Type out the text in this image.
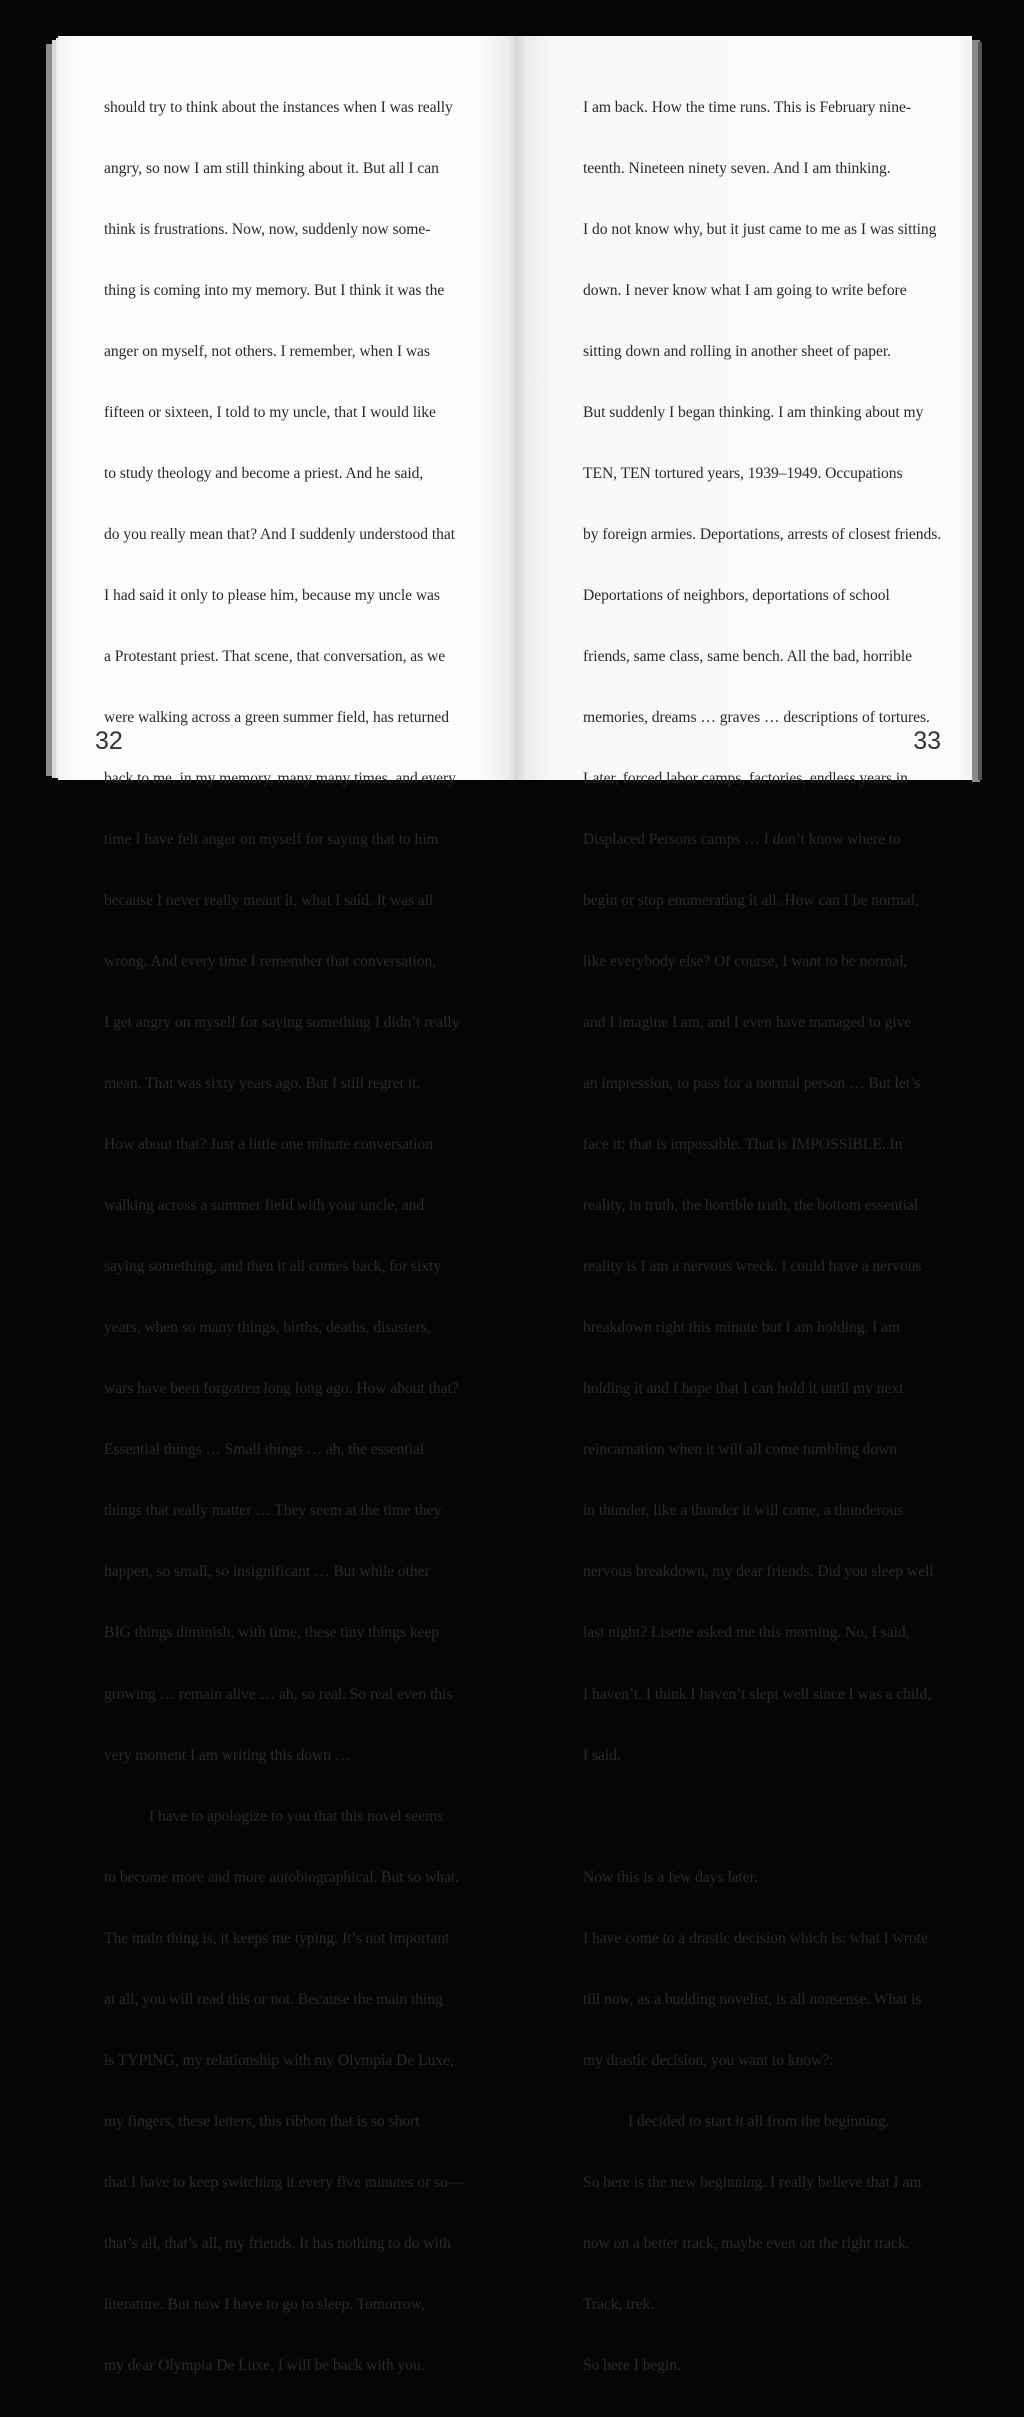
should try to think about the instances when I was really

angry, so now I am still thinking about it. But all I can

think is frustrations. Now, now, suddenly now some-

thing is coming into my memory. But I think it was the

anger on myself, not others. I remember, when I was

fifteen or sixteen, I told to my uncle, that I would like

to study theology and become a priest. And he said,

do you really mean that? And I suddenly understood that

I had said it only to please him, because my uncle was

a Protestant priest. That scene, that conversation, as we

were walking across a green summer field, has returned

back to me, in my memory, many many times, and every

time I have felt anger on myself for saying that to him

because I never really meant it, what I said. It was all

wrong. And every time I remember that conversation,

I get angry on myself for saying something I didn’t really

mean. That was sixty years ago. But I still regret it.

How about that? Just a little one minute conversation

walking across a summer field with your uncle, and

saying something, and then it all comes back, for sixty

years, when so many things, births, deaths, disasters,

wars have been forgotten long long ago. How about that?

Essential things … Small things … ah, the essential

things that really matter … They seem at the time they

happen, so small, so insignificant … But while other

BIG things diminish, with time, these tiny things keep

growing … remain alive … ah, so real. So real even this

very moment I am writing this down …

I have to apologize to you that this novel seems

to become more and more autobiographical. But so what.

The main thing is, it keeps me typing. It’s not important

at all, you will read this or not. Because the main thing

is TYPING, my relationship with my Olympia De Luxe,

my fingers, these letters, this ribbon that is so short

that I have to keep switching it every five minutes or so—

that’s all, that’s all, my friends. It has nothing to do with

literature. But now I have to go to sleep. Tomorrow,

my dear Olympia De Luxe, I will be back with you.

32

I am back. How the time runs. This is February nine-

teenth. Nineteen ninety seven. And I am thinking.

I do not know why, but it just came to me as I was sitting

down. I never know what I am going to write before

sitting down and rolling in another sheet of paper.

But suddenly I began thinking. I am thinking about my

TEN, TEN tortured years, 1939–1949. Occupations

by foreign armies. Deportations, arrests of closest friends.

Deportations of neighbors, deportations of school

friends, same class, same bench. All the bad, horrible

memories, dreams … graves … descriptions of tortures.

Later, forced labor camps, factories, endless years in

Displaced Persons camps … I don’t know where to

begin or stop enumerating it all. How can I be normal,

like everybody else? Of course, I want to be normal,

and I imagine I am, and I even have managed to give

an impression, to pass for a normal person … But let’s

face it: that is impossible. That is IMPOSSIBLE. In

reality, in truth, the horrible truth, the bottom essential

reality is I am a nervous wreck. I could have a nervous

breakdown right this minute but I am holding. I am

holding it and I hope that I can hold it until my next

reincarnation when it will all come tumbling down

in thunder, like a thunder it will come, a thunderous

nervous breakdown, my dear friends. Did you sleep well

last night? Lisette asked me this morning. No, I said,

I haven’t. I think I haven’t slept well since I was a child,

I said.

Now this is a few days later.

I have come to a drastic decision which is: what I wrote

till now, as a budding novelist, is all nonsense. What is

my drastic decision, you want to know?:

I decided to start it all from the beginning.

So here is the new beginning. I really believe that I am

now on a better track, maybe even on the right track.

Track, trek.

So here I begin.

33
